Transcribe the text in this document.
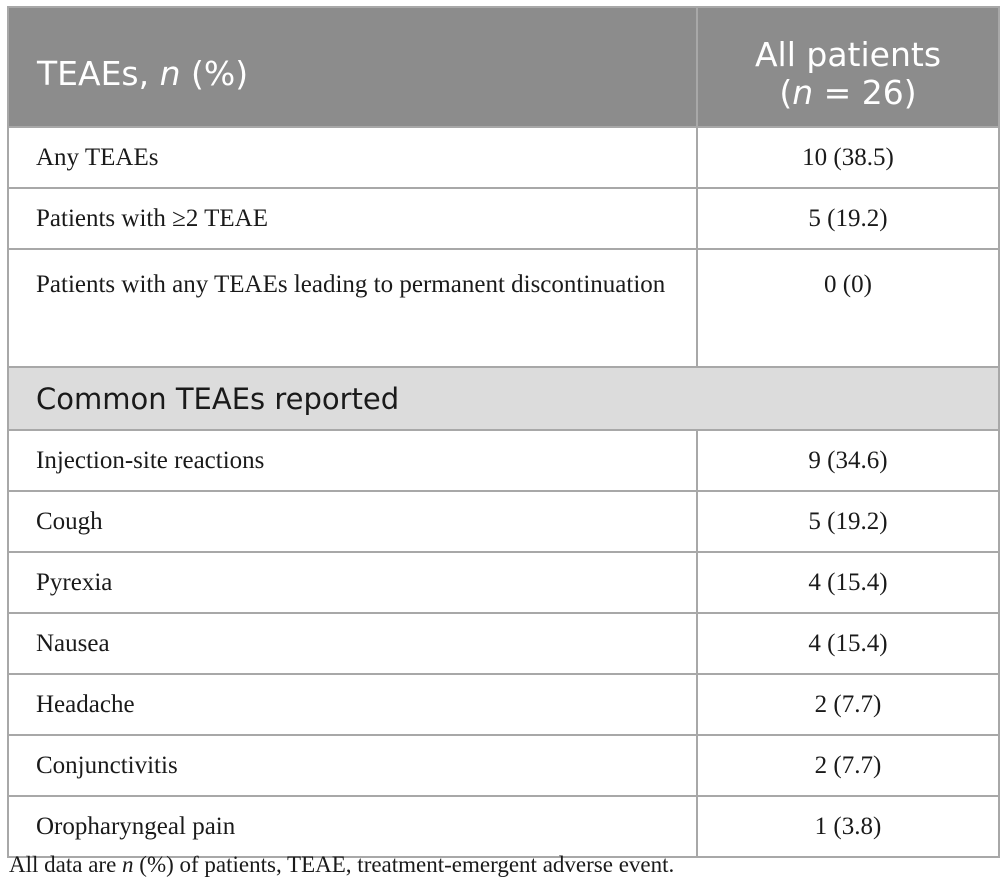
TEAEs, n (%)	All patients
(n = 26)
Any TEAEs	10 (38.5)
Patients with ≥2 TEAE	5 (19.2)
Patients with any TEAEs leading to permanent discontinuation	0 (0)
Common TEAEs reported	
Injection-site reactions	9 (34.6)
Cough	5 (19.2)
Pyrexia	4 (15.4)
Nausea	4 (15.4)
Headache	2 (7.7)
Conjunctivitis	2 (7.7)
Oropharyngeal pain	1 (3.8)
All data are n (%) of patients, TEAE, treatment-emergent adverse event.
